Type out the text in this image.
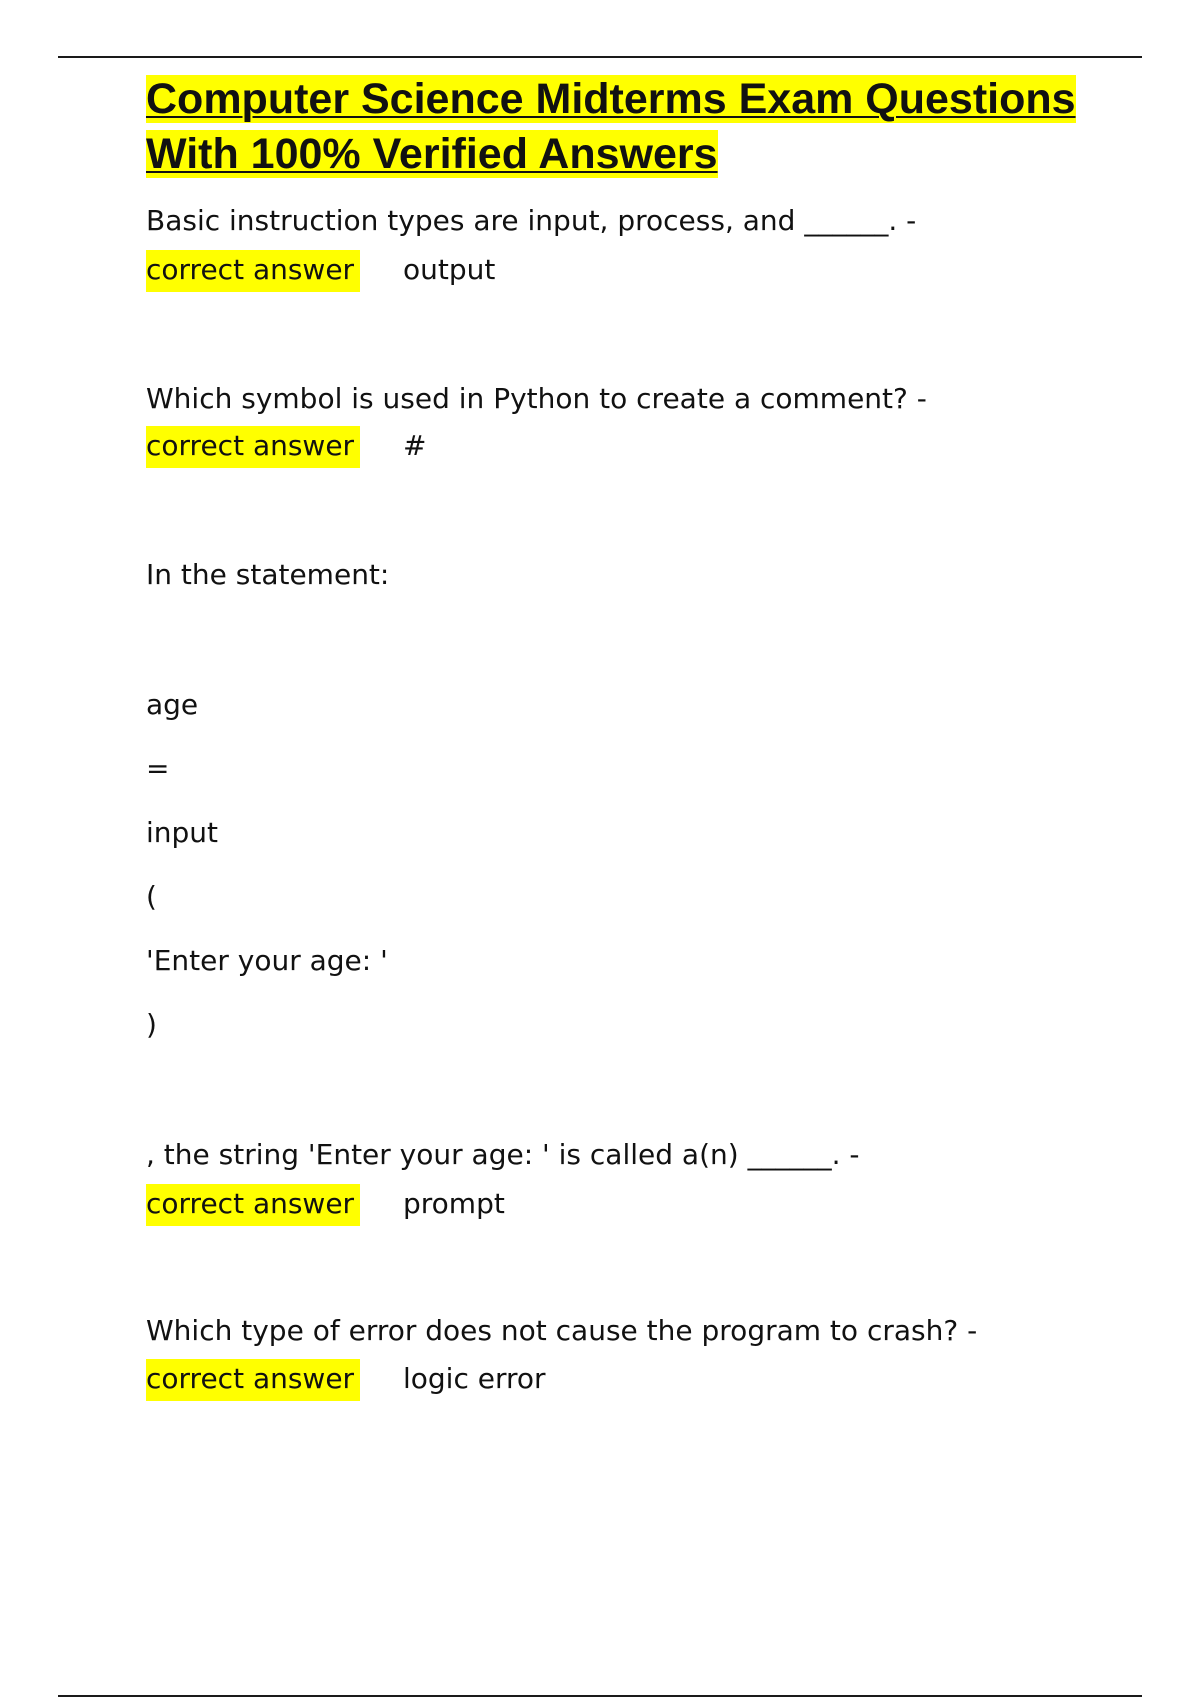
Computer Science Midterms Exam Questions With 100% Verified Answers
Basic instruction types are input, process, and ______. -

correct answer

output

Which symbol is used in Python to create a comment? -

correct answer

#

In the statement:
age
=
input
(
'Enter your age: '
)
, the string 'Enter your age: ' is called a(n) ______. -

correct answer

prompt

Which type of error does not cause the program to crash? -

correct answer

logic error
